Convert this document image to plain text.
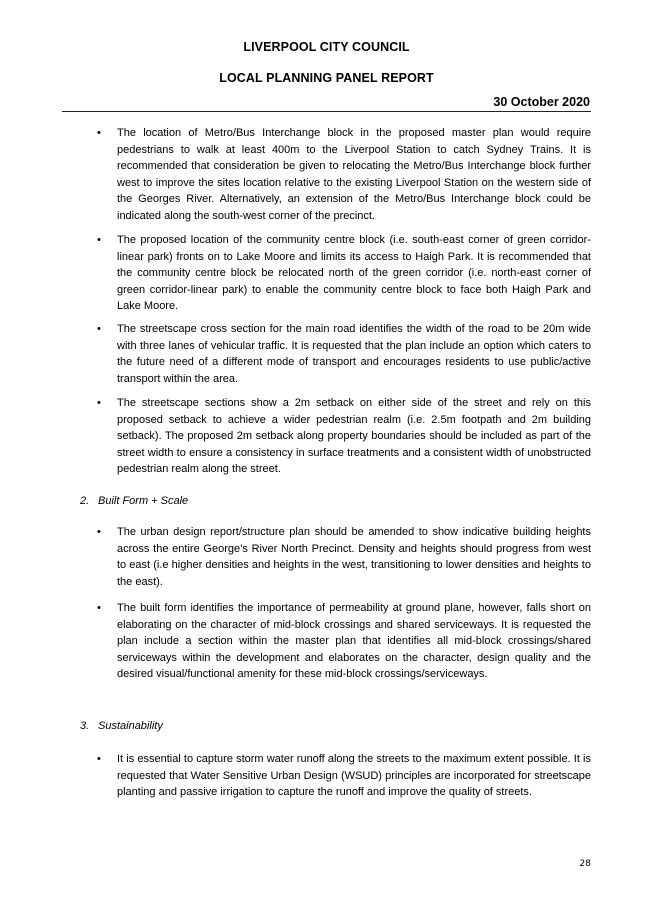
LIVERPOOL CITY COUNCIL
LOCAL PLANNING PANEL REPORT
30 October 2020
• The location of Metro/Bus Interchange block in the proposed master plan would require pedestrians to walk at least 400m to the Liverpool Station to catch Sydney Trains. It is recommended that consideration be given to relocating the Metro/Bus Interchange block further west to improve the sites location relative to the existing Liverpool Station on the western side of the Georges River. Alternatively, an extension of the Metro/Bus Interchange block could be indicated along the south-west corner of the precinct.
• The proposed location of the community centre block (i.e. south-east corner of green corridor-linear park) fronts on to Lake Moore and limits its access to Haigh Park. It is recommended that the community centre block be relocated north of the green corridor (i.e. north-east corner of green corridor-linear park) to enable the community centre block to face both Haigh Park and Lake Moore.
• The streetscape cross section for the main road identifies the width of the road to be 20m wide with three lanes of vehicular traffic. It is requested that the plan include an option which caters to the future need of a different mode of transport and encourages residents to use public/active transport within the area.
• The streetscape sections show a 2m setback on either side of the street and rely on this proposed setback to achieve a wider pedestrian realm (i.e. 2.5m footpath and 2m building setback). The proposed 2m setback along property boundaries should be included as part of the street width to ensure a consistency in surface treatments and a consistent width of unobstructed pedestrian realm along the street.
2. Built Form + Scale
• The urban design report/structure plan should be amended to show indicative building heights across the entire George’s River North Precinct. Density and heights should progress from west to east (i.e higher densities and heights in the west, transitioning to lower densities and heights to the east).
• The built form identifies the importance of permeability at ground plane, however, falls short on elaborating on the character of mid-block crossings and shared serviceways. It is requested the plan include a section within the master plan that identifies all mid-block crossings/shared serviceways within the development and elaborates on the character, design quality and the desired visual/functional amenity for these mid-block crossings/serviceways.
3. Sustainability
• It is essential to capture storm water runoff along the streets to the maximum extent possible. It is requested that Water Sensitive Urban Design (WSUD) principles are incorporated for streetscape planting and passive irrigation to capture the runoff and improve the quality of streets.
28
